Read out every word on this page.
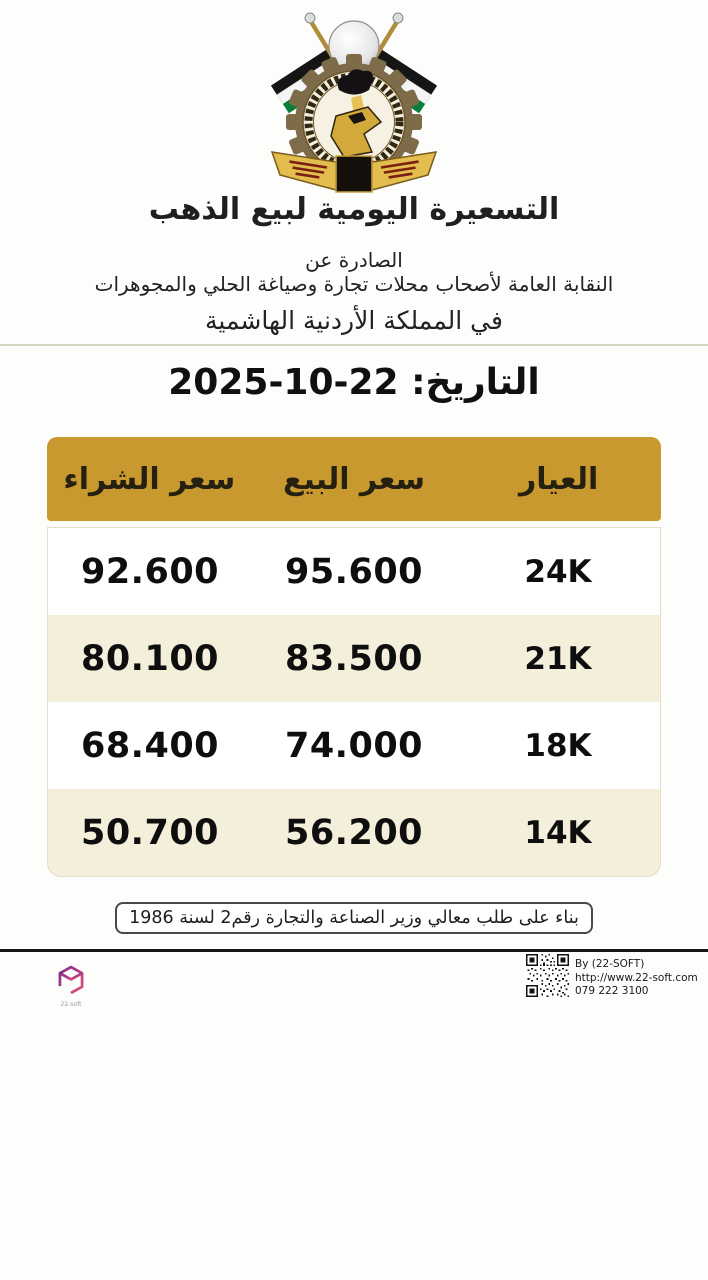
التسعيرة اليومية لبيع الذهب
الصادرة عن
النقابة العامة لأصحاب محلات تجارة وصياغة الحلي والمجوهرات
في المملكة الأردنية الهاشمية
التاريخ: 22-10-2025
العيار
سعر البيع
سعر الشراء
24K
95.600
92.600
21K
83.500
80.100
18K
74.000
68.400
14K
56.200
50.700
بناء على طلب معالي وزير الصناعة والتجارة رقم2 لسنة 1986
22-soft
By (22-SOFT)
http://www.22-soft.com
079 222 3100
